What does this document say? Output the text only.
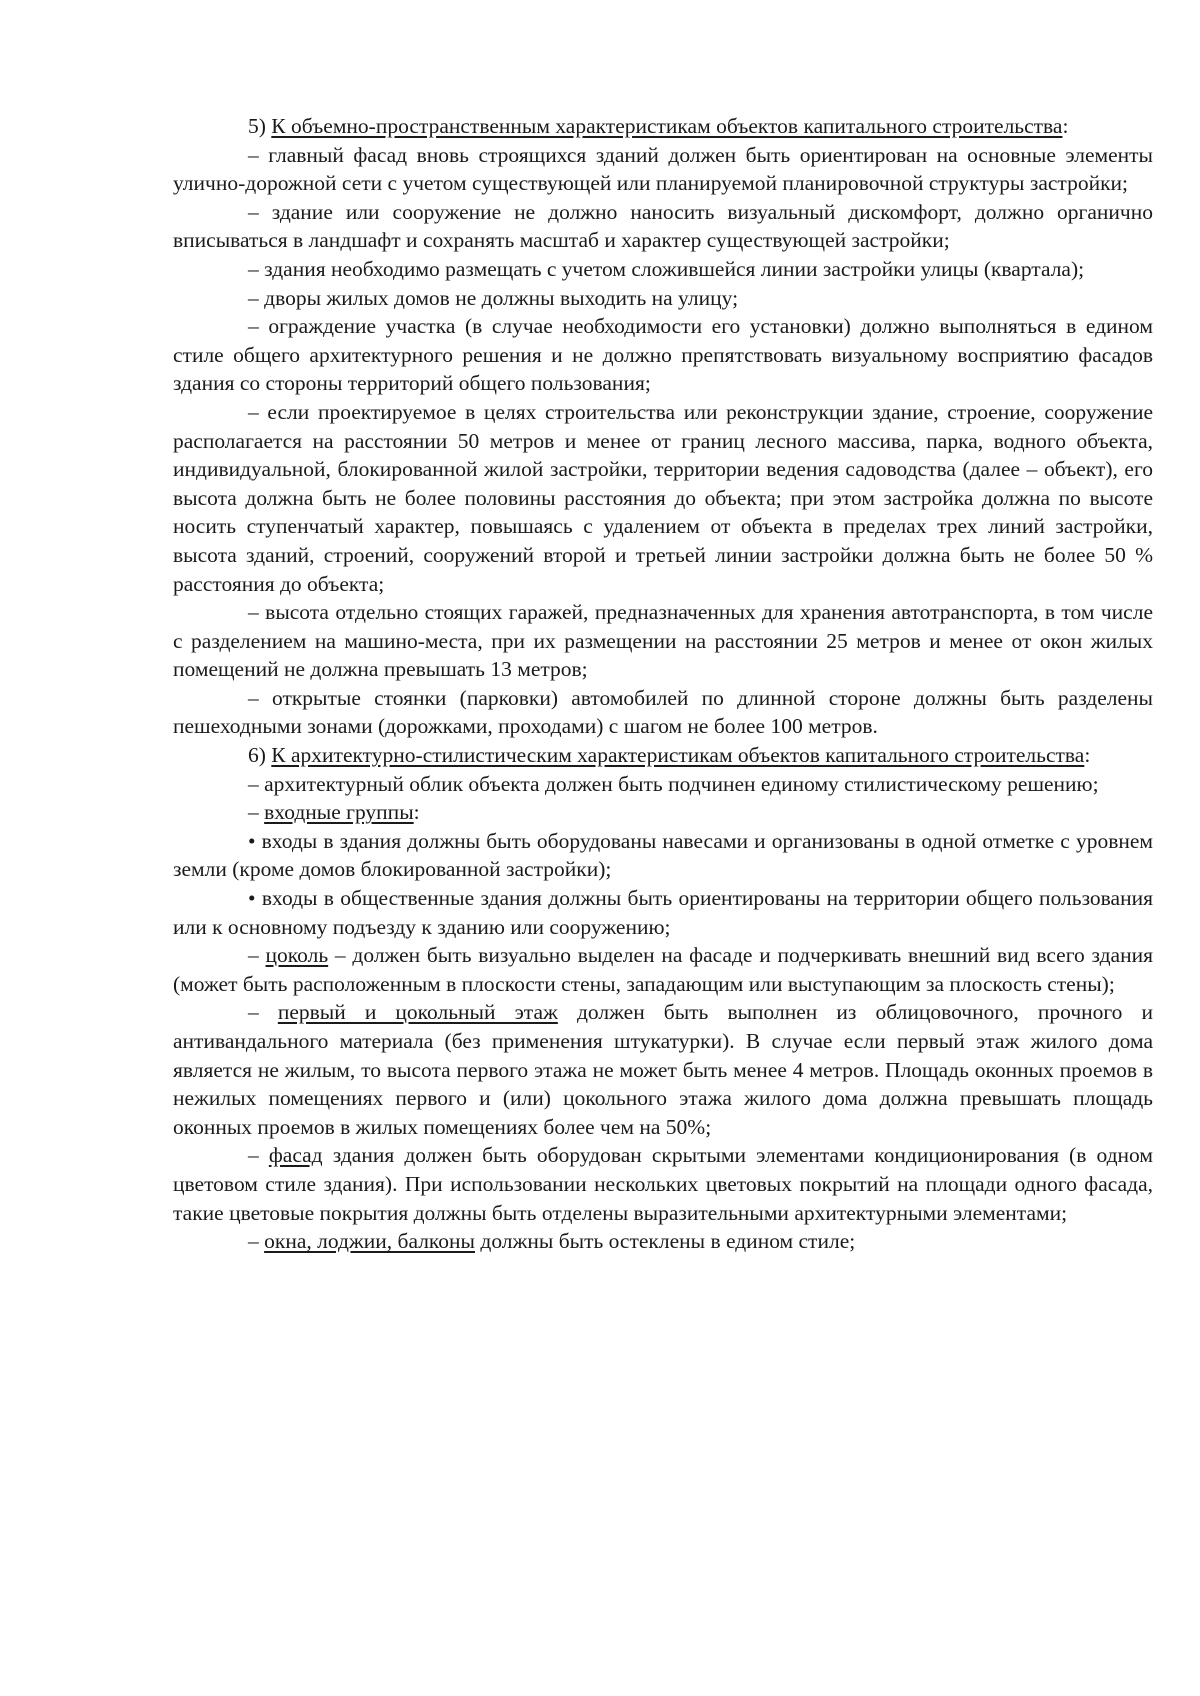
5) К объемно-пространственным характеристикам объектов капитального строительства:

– главный фасад вновь строящихся зданий должен быть ориентирован на основные элементы улично-дорожной сети с учетом существующей или планируемой планировочной структуры застройки;

– здание или сооружение не должно наносить визуальный дискомфорт, должно органично вписываться в ландшафт и сохранять масштаб и характер существующей застройки;

– здания необходимо размещать с учетом сложившейся линии застройки улицы (квартала);

– дворы жилых домов не должны выходить на улицу;

– ограждение участка (в случае необходимости его установки) должно выполняться в едином стиле общего архитектурного решения и не должно препятствовать визуальному восприятию фасадов здания со стороны территорий общего пользования;

– если проектируемое в целях строительства или реконструкции здание, строение, сооружение располагается на расстоянии 50 метров и менее от границ лесного массива, парка, водного объекта, индивидуальной, блокированной жилой застройки, территории ведения садоводства (далее – объект), его высота должна быть не более половины расстояния до объекта; при этом застройка должна по высоте носить ступенчатый характер, повышаясь с удалением от объекта в пределах трех линий застройки, высота зданий, строений, сооружений второй и третьей линии застройки должна быть не более 50 % расстояния до объекта;

– высота отдельно стоящих гаражей, предназначенных для хранения автотранспорта, в том числе с разделением на машино-места, при их размещении на расстоянии 25 метров и менее от окон жилых помещений не должна превышать 13 метров;

– открытые стоянки (парковки) автомобилей по длинной стороне должны быть разделены пешеходными зонами (дорожками, проходами) с шагом не более 100 метров.

6) К архитектурно-стилистическим характеристикам объектов капитального строительства:

– архитектурный облик объекта должен быть подчинен единому стилистическому решению;

– входные группы:

• входы в здания должны быть оборудованы навесами и организованы в одной отметке с уровнем земли (кроме домов блокированной застройки);

• входы в общественные здания должны быть ориентированы на территории общего пользования или к основному подъезду к зданию или сооружению;

– цоколь – должен быть визуально выделен на фасаде и подчеркивать внешний вид всего здания (может быть расположенным в плоскости стены, западающим или выступающим за плоскость стены);

– первый и цокольный этаж должен быть выполнен из облицовочного, прочного и антивандального материала (без применения штукатурки). В случае если первый этаж жилого дома является не жилым, то высота первого этажа не может быть менее 4 метров. Площадь оконных проемов в нежилых помещениях первого и (или) цокольного этажа жилого дома должна превышать площадь оконных проемов в жилых помещениях более чем на 50%;

– фасад здания должен быть оборудован скрытыми элементами кондиционирования (в одном цветовом стиле здания). При использовании нескольких цветовых покрытий на площади одного фасада, такие цветовые покрытия должны быть отделены выразительными архитектурными элементами;

– окна, лоджии, балконы должны быть остеклены в едином стиле;
